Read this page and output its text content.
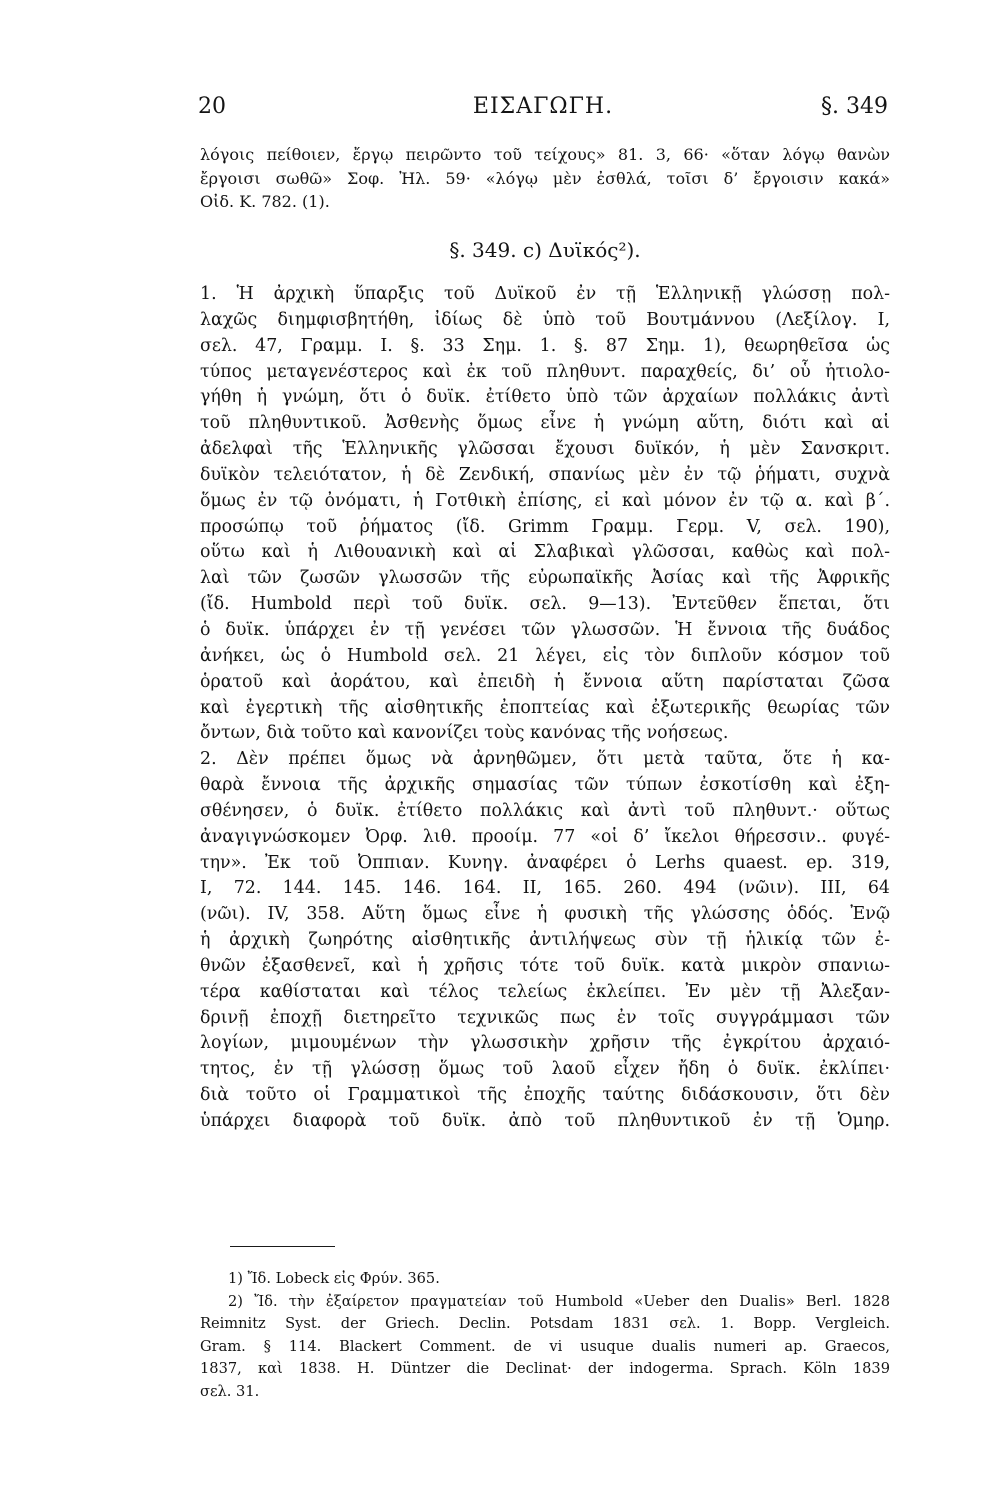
20	ΕΙΣΑΓΩΓΗ.	§. 349
λόγοις πείθοιεν, ἔργῳ πειρῶντο τοῦ τείχους» 81. 3, 66· «ὅταν λόγῳ θανὼν
ἔργοισι σωθῶ» Σοφ. Ἠλ. 59· «λόγῳ μὲν ἐσθλά, τοῖσι δ’ ἔργοισιν κακά»
Οἰδ. Κ. 782. (1).
§. 349. c) Δυϊκός²).
1. Ἡ ἀρχικὴ ὕπαρξις τοῦ Δυϊκοῦ ἐν τῇ Ἑλληνικῇ γλώσσῃ πολ-
λαχῶς διημφισβητήθη, ἰδίως δὲ ὑπὸ τοῦ Βουτμάννου (Λεξίλογ. I,
σελ. 47, Γραμμ. Ι. §. 33 Σημ. 1. §. 87 Σημ. 1), θεωρηθεῖσα ὡς
τύπος μεταγενέστερος καὶ ἐκ τοῦ πληθυντ. παραχθείς, δι’ οὗ ἠτιολο-
γήθη ἡ γνώμη, ὅτι ὁ δυϊκ. ἐτίθετο ὑπὸ τῶν ἀρχαίων πολλάκις ἀντὶ
τοῦ πληθυντικοῦ. Ἀσθενὴς ὅμως εἶνε ἡ γνώμη αὕτη, διότι καὶ αἱ
ἀδελφαὶ τῆς Ἑλληνικῆς γλῶσσαι ἔχουσι δυϊκόν, ἡ μὲν Σανσκριτ.
δυϊκὸν τελειότατον, ἡ δὲ Ζενδική, σπανίως μὲν ἐν τῷ ῥήματι, συχνὰ
ὅμως ἐν τῷ ὀνόματι, ἡ Γοτθικὴ ἐπίσης, εἰ καὶ μόνον ἐν τῷ α. καὶ β΄.
προσώπῳ τοῦ ῥήματος (ἴδ. Grimm Γραμμ. Γερμ. V, σελ. 190),
οὕτω καὶ ἡ Λιθουανικὴ καὶ αἱ Σλαβικαὶ γλῶσσαι, καθὼς καὶ πολ-
λαὶ τῶν ζωσῶν γλωσσῶν τῆς εὐρωπαϊκῆς Ἀσίας καὶ τῆς Ἀφρικῆς
(ἴδ. Humbold περὶ τοῦ δυϊκ. σελ. 9—13). Ἐντεῦθεν ἕπεται, ὅτι
ὁ δυϊκ. ὑπάρχει ἐν τῇ γενέσει τῶν γλωσσῶν. Ἡ ἔννοια τῆς δυάδος
ἀνήκει, ὡς ὁ Humbold σελ. 21 λέγει, εἰς τὸν διπλοῦν κόσμον τοῦ
ὁρατοῦ καὶ ἀοράτου, καὶ ἐπειδὴ ἡ ἔννοια αὕτη παρίσταται ζῶσα
καὶ ἐγερτικὴ τῆς αἰσθητικῆς ἐποπτείας καὶ ἐξωτερικῆς θεωρίας τῶν
ὄντων, διὰ τοῦτο καὶ κανονίζει τοὺς κανόνας τῆς νοήσεως.
2. Δὲν πρέπει ὅμως νὰ ἀρνηθῶμεν, ὅτι μετὰ ταῦτα, ὅτε ἡ κα-
θαρὰ ἔννοια τῆς ἀρχικῆς σημασίας τῶν τύπων ἐσκοτίσθη καὶ ἐξη-
σθένησεν, ὁ δυϊκ. ἐτίθετο πολλάκις καὶ ἀντὶ τοῦ πληθυντ.· οὕτως
ἀναγιγνώσκομεν Ὀρφ. λιθ. προοίμ. 77 «οἱ δ’ ἴκελοι θήρεσσιν.. φυγέ-
την». Ἐκ τοῦ Ὀππιαν. Κυνηγ. ἀναφέρει ὁ Lerhs quaest. ep. 319,
I, 72. 144. 145. 146. 164. II, 165. 260. 494 (νῶιν). III, 64
(νῶι). IV, 358. Αὕτη ὅμως εἶνε ἡ φυσικὴ τῆς γλώσσης ὁδός. Ἐνῷ
ἡ ἀρχικὴ ζωηρότης αἰσθητικῆς ἀντιλήψεως σὺν τῇ ἡλικίᾳ τῶν ἐ-
θνῶν ἐξασθενεῖ, καὶ ἡ χρῆσις τότε τοῦ δυϊκ. κατὰ μικρὸν σπανιω-
τέρα καθίσταται καὶ τέλος τελείως ἐκλείπει. Ἐν μὲν τῇ Ἀλεξαν-
δρινῇ ἐποχῇ διετηρεῖτο τεχνικῶς πως ἐν τοῖς συγγράμμασι τῶν
λογίων, μιμουμένων τὴν γλωσσικὴν χρῆσιν τῆς ἐγκρίτου ἀρχαιό-
τητος, ἐν τῇ γλώσσῃ ὅμως τοῦ λαοῦ εἶχεν ἤδη ὁ δυϊκ. ἐκλίπει·
διὰ τοῦτο οἱ Γραμματικοὶ τῆς ἐποχῆς ταύτης διδάσκουσιν, ὅτι δὲν
ὑπάρχει διαφορὰ τοῦ δυϊκ. ἀπὸ τοῦ πληθυντικοῦ ἐν τῇ Ὁμηρ.
1) Ἴδ. Lobeck εἰς Φρύν. 365.
2) Ἴδ. τὴν ἐξαίρετον πραγματείαν τοῦ Humbold «Ueber den Dualis» Berl. 1828
Reimnitz Syst. der Griech. Declin. Potsdam 1831 σελ. 1. Bopp. Vergleich.
Gram. § 114. Blackert Comment. de vi usuque dualis numeri ap. Graecos,
1837, καὶ 1838. H. Düntzer die Declinat· der indogerma. Sprach. Köln 1839
σελ. 31.
